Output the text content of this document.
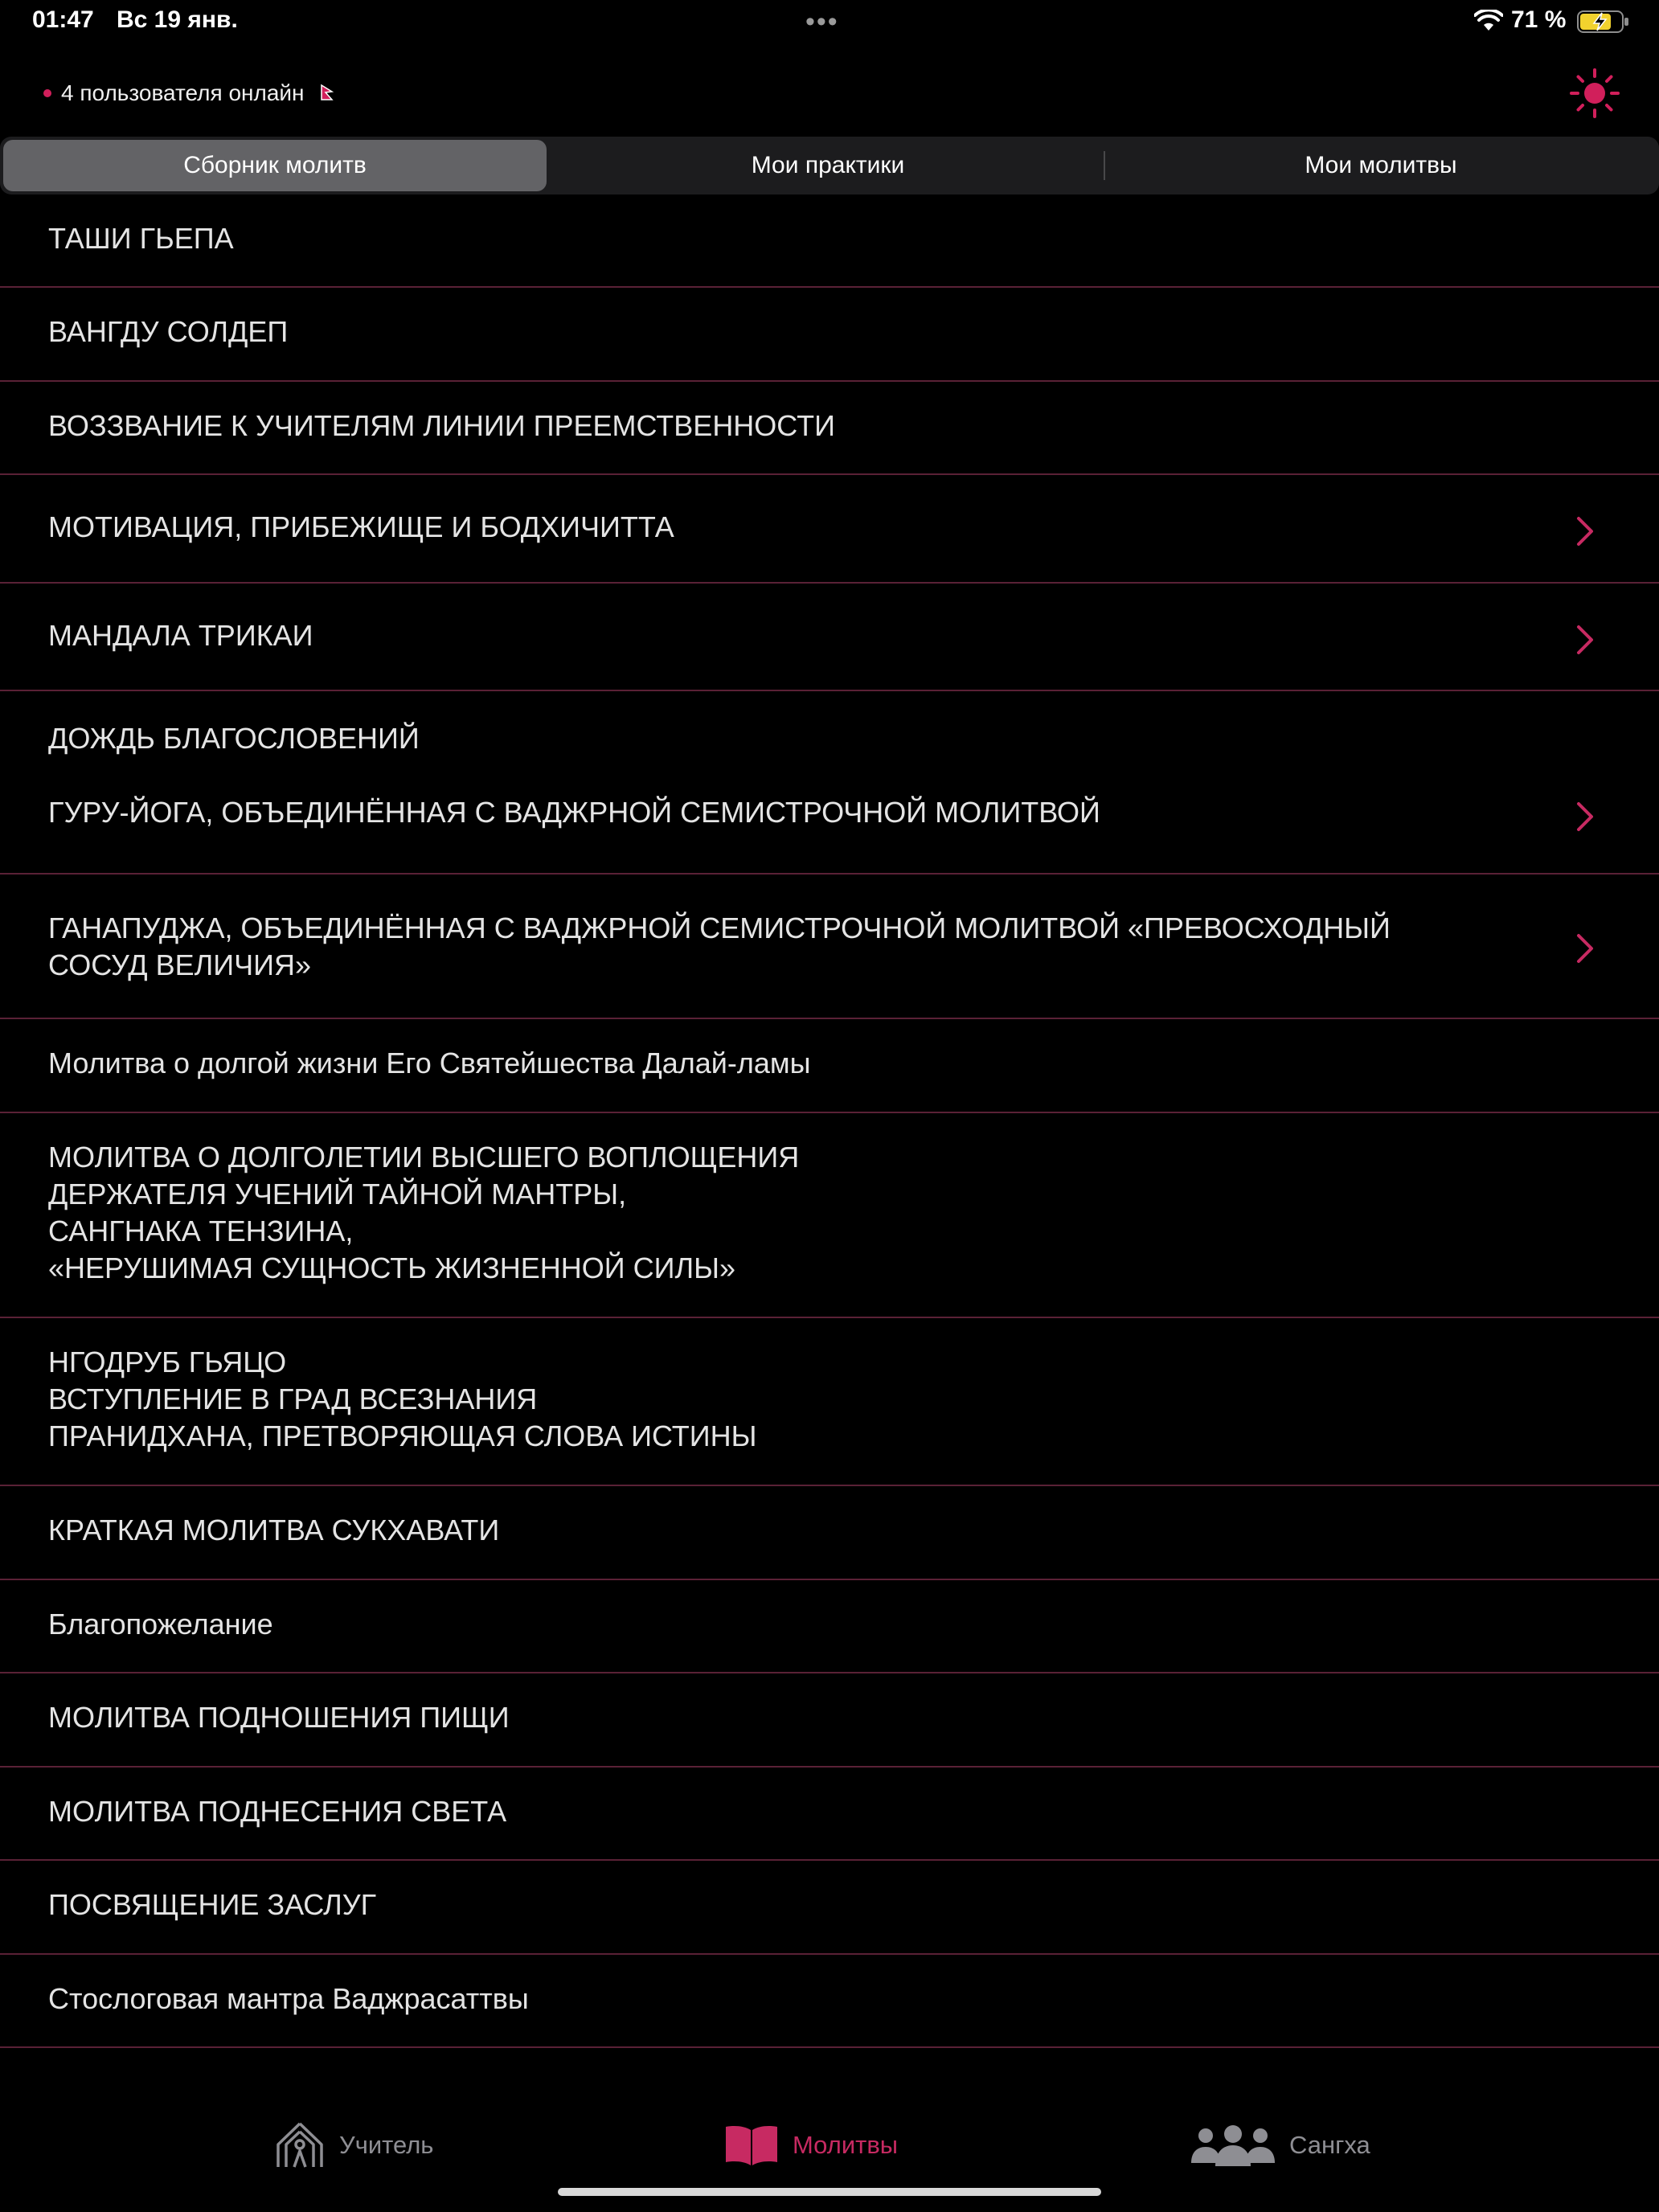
01:47 Вс 19 янв.	•••	71 %
4 пользователя онлайн
Сборник молитв	Мои практики	Мои молитвы
ТАШИ ГЬЕПА
ВАНГДУ СОЛДЕП
ВОЗЗВАНИЕ К УЧИТЕЛЯМ ЛИНИИ ПРЕЕМСТВЕННОСТИ
МОТИВАЦИЯ, ПРИБЕЖИЩЕ И БОДХИЧИТТА
МАНДАЛА ТРИКАИ
ДОЖДЬ БЛАГОСЛОВЕНИЙ
ГУРУ-ЙОГА, ОБЪЕДИНЁННАЯ С ВАДЖРНОЙ СЕМИСТРОЧНОЙ МОЛИТВОЙ
ГАНАПУДЖА, ОБЪЕДИНЁННАЯ С ВАДЖРНОЙ СЕМИСТРОЧНОЙ МОЛИТВОЙ «ПРЕВОСХОДНЫЙ
СОСУД ВЕЛИЧИЯ»
Молитва о долгой жизни Его Святейшества Далай-ламы
МОЛИТВА О ДОЛГОЛЕТИИ ВЫСШЕГО ВОПЛОЩЕНИЯ
ДЕРЖАТЕЛЯ УЧЕНИЙ ТАЙНОЙ МАНТРЫ,
САНГНАКА ТЕНЗИНА,
«НЕРУШИМАЯ СУЩНОСТЬ ЖИЗНЕННОЙ СИЛЫ»
НГОДРУБ ГЬЯЦО
ВСТУПЛЕНИЕ В ГРАД ВСЕЗНАНИЯ
ПРАНИДХАНА, ПРЕТВОРЯЮЩАЯ СЛОВА ИСТИНЫ
КРАТКАЯ МОЛИТВА СУКХАВАТИ
Благопожелание
МОЛИТВА ПОДНОШЕНИЯ ПИЩИ
МОЛИТВА ПОДНЕСЕНИЯ СВЕТА
ПОСВЯЩЕНИЕ ЗАСЛУГ
Стослоговая мантра Ваджрасаттвы
Учитель	Молитвы	Сангха
